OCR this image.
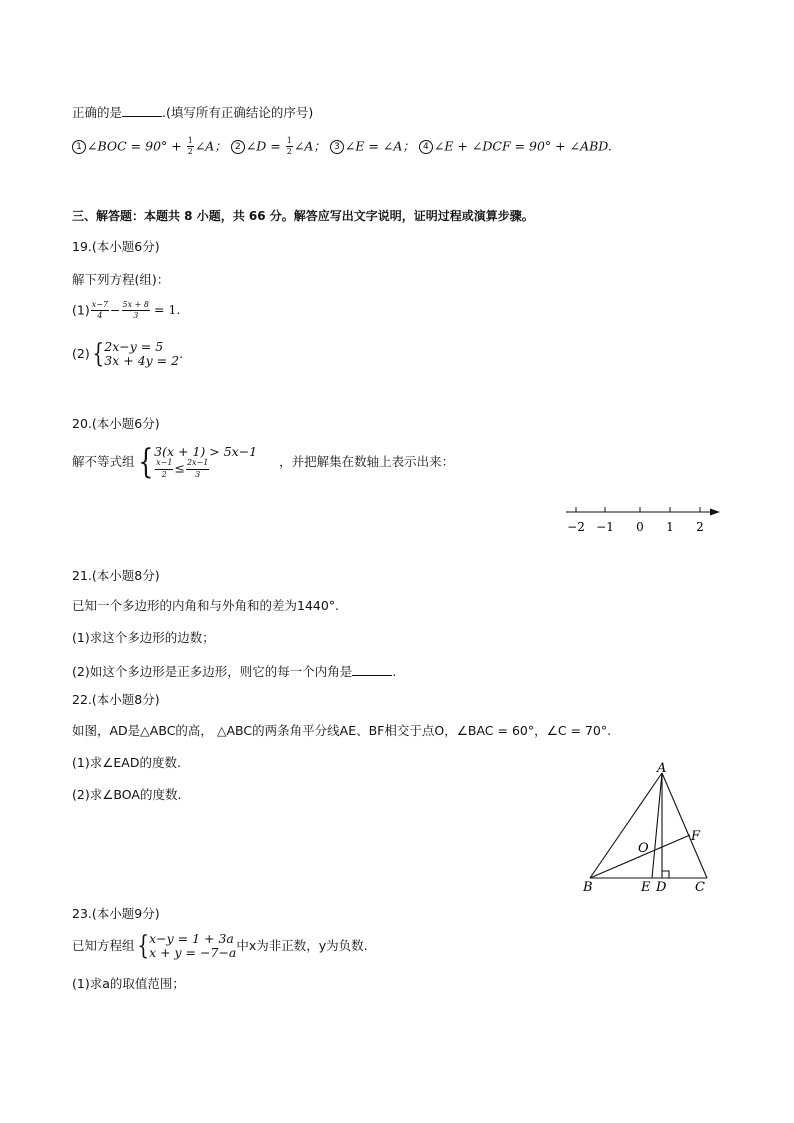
正确的是	.(填写所有正确结论的序号)
1 ∠BOC = $90^\circ + \frac{1}{2}$ ∠A； 2 ∠D = $\frac{1}{2}$ ∠A； 3 ∠E = ∠A； 4 ∠E + ∠DCF = 90° + ∠ABD.
三、解答题：本题共 8 小题，共 66 分。解答应写出文字说明，证明过程或演算步骤。
19.(本小题6分)
解下列方程(组)：
$(1) \frac{x-7}{4} - \frac{5x + 8}{3} = 1$.
(2){ 2x−y = 5
3x + 4y = 2 .
20.(本小题6分)
解不等式组{ 3(x + 1) > 5x−1
$\frac{x-1}{2} \le \frac{2x-1}{3}$	，并把解集在数轴上表示出来：
−2 −1 0 1 2
21.(本小题8分)
已知一个多边形的内角和与外角和的差为1440°.
(1)求这个多边形的边数；
(2)如这个多边形是正多边形，则它的每一个内角是	.
22.(本小题8分)
如图，AD是△ABC的高， △ABC的两条角平分线AE、BF相交于点O，∠BAC = 60°，∠C = 70°.
(1)求∠EAD的度数.
(2)求∠BOA的度数.
A
B	C
D
E
F
O
23.(本小题9分)
已知方程组{ x−y = 1 + 3a
x + y = −7−a 中x为非正数，y为负数.
(1)求a的取值范围；
